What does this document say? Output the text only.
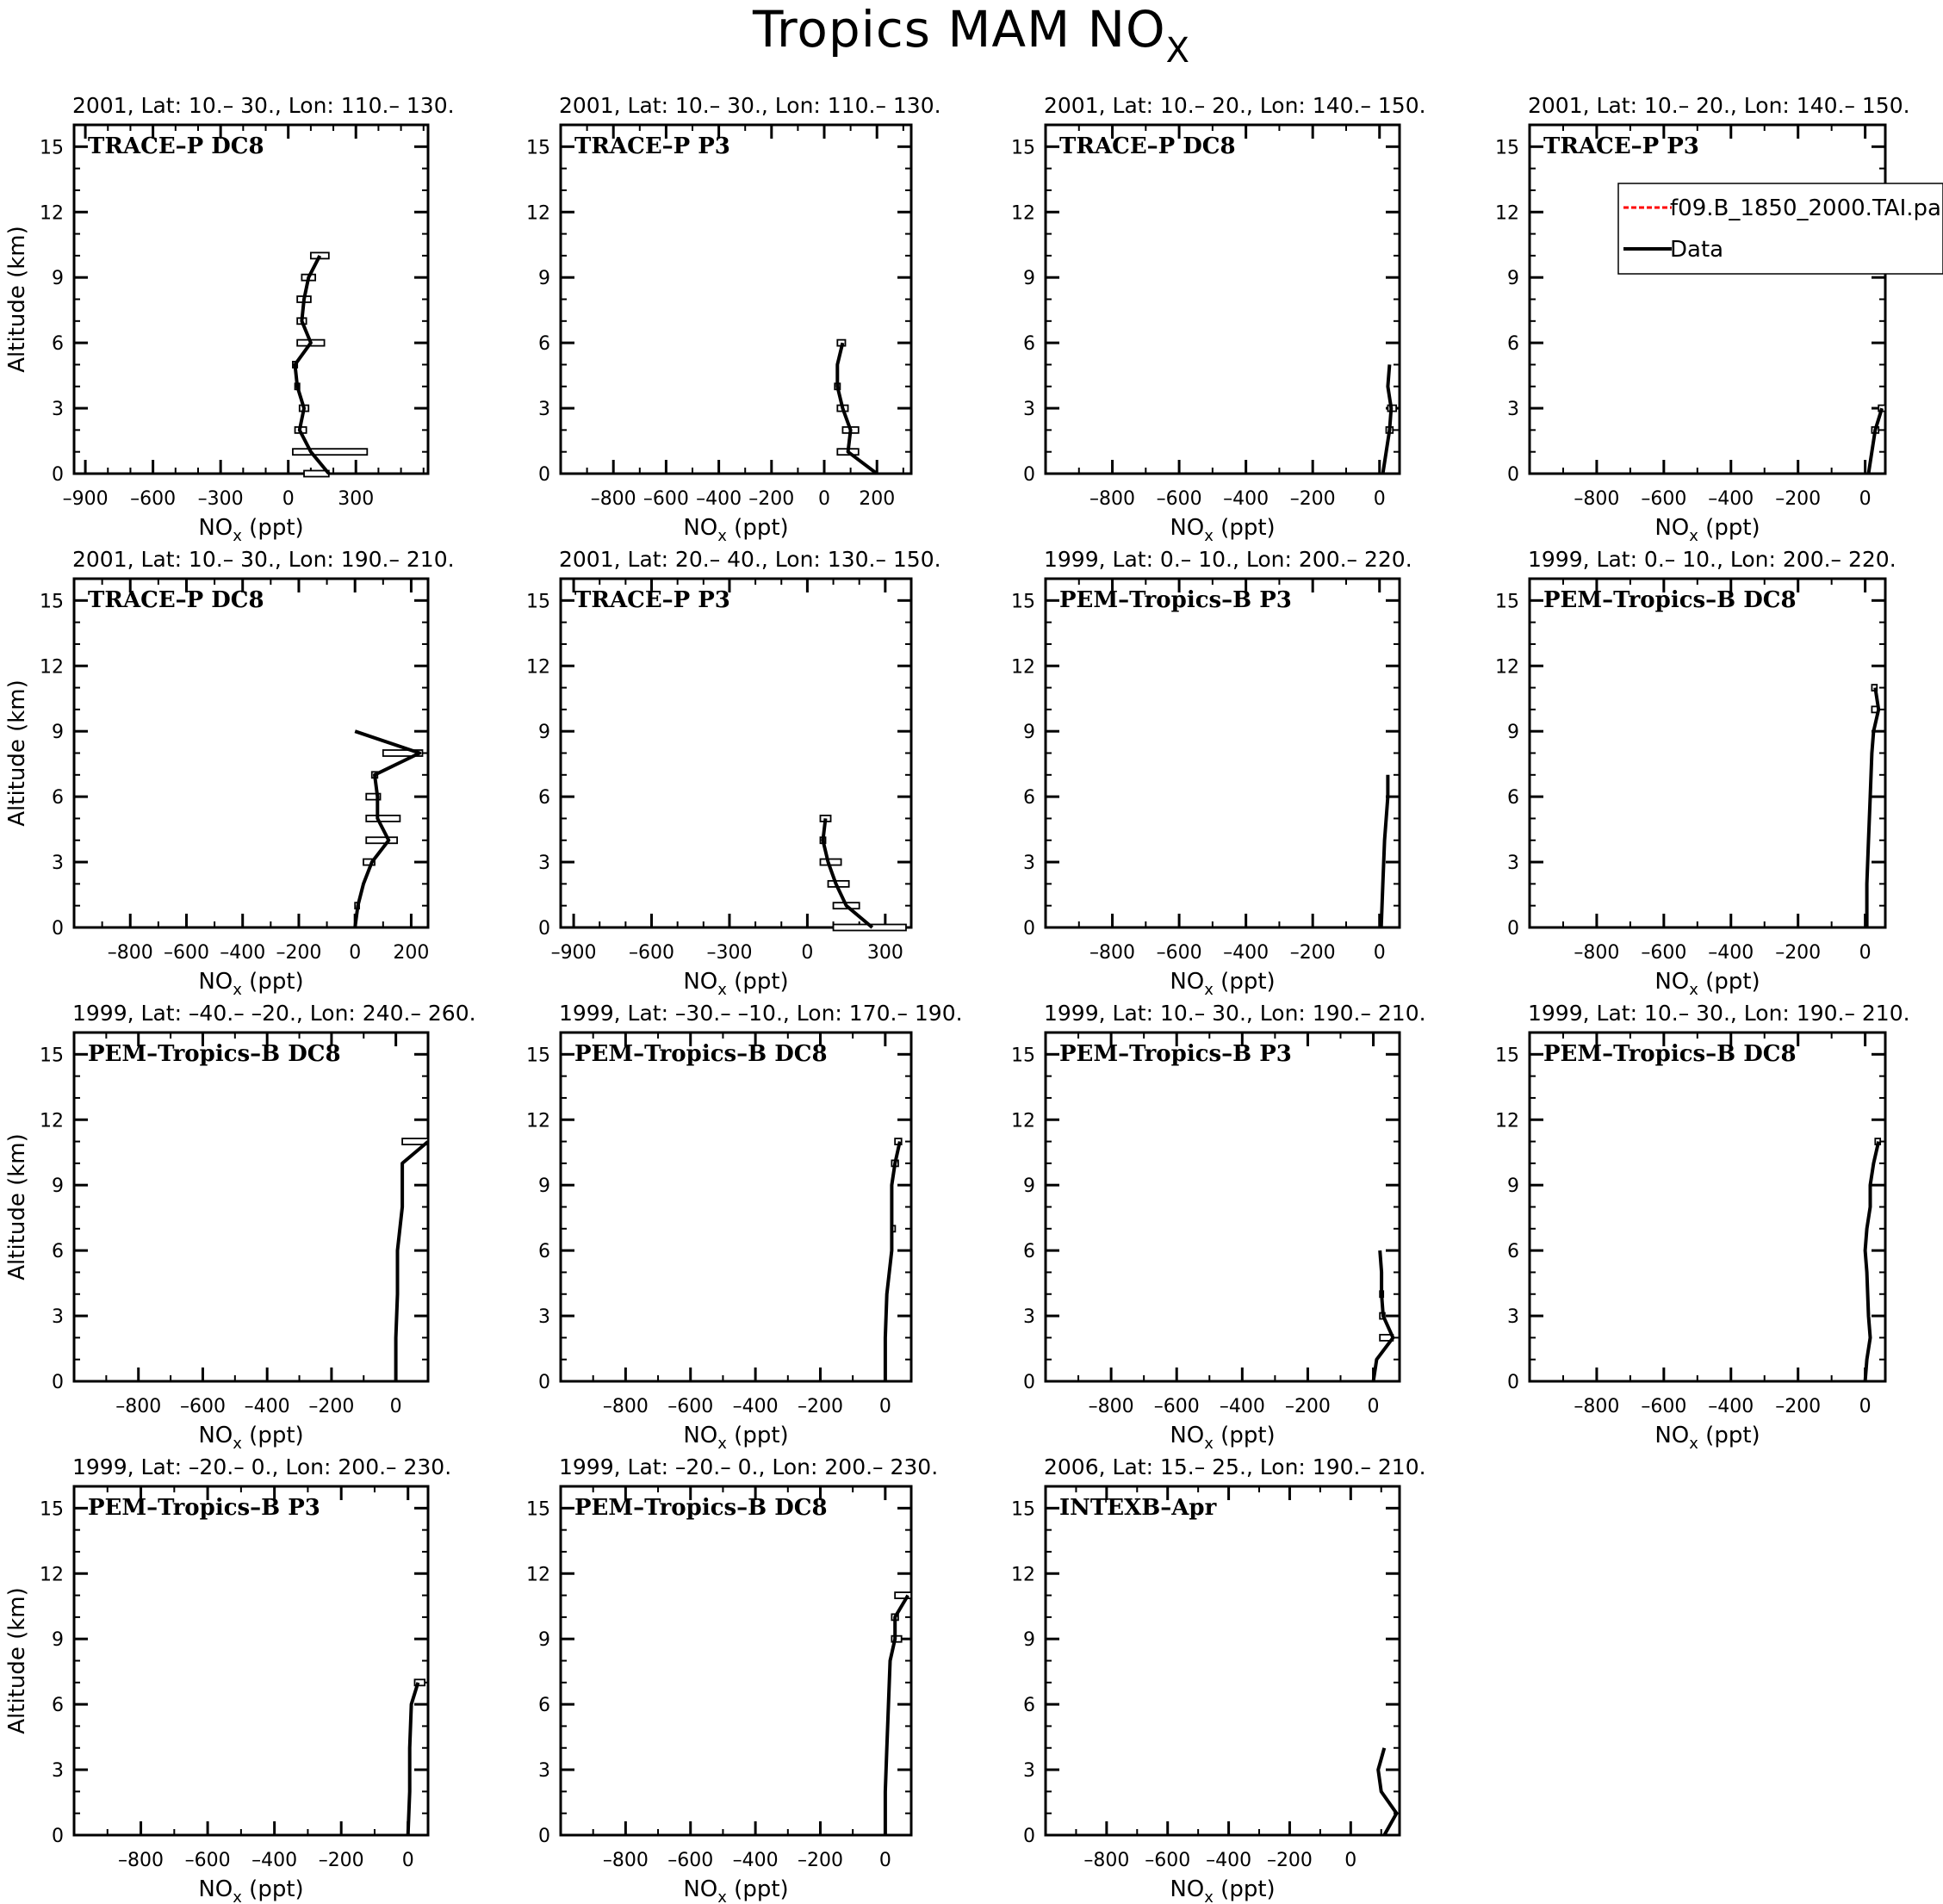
Tropics MAM $NO_X$
2001, Lat: 10.– 30., Lon: 110.– 130.
0
3
6
9
12
15
–900 –600 –300 0 300
$NO_x$ (ppt)
Altitude (km)
TRACE–P DC8
2001, Lat: 10.– 30., Lon: 110.– 130.
0
3
6
9
12
15
–800 –600 –400 –200 0 200
$NO_x$ (ppt)
TRACE–P P3
2001, Lat: 10.– 20., Lon: 140.– 150.
0
3
6
9
12
15
–800 –600 –400 –200 0
$NO_x$ (ppt)
TRACE–P DC8
2001, Lat: 10.– 20., Lon: 140.– 150.
0
3
6
9
12
15
–800 –600 –400 –200 0
$NO_x$ (ppt)
TRACE–P P3
f09.B_1850_2000.TAI.pa
Data
2001, Lat: 10.– 30., Lon: 190.– 210.
0
3
6
9
12
15
–800 –600 –400 –200 0 200
$NO_x$ (ppt)
Altitude (km)
TRACE–P DC8
2001, Lat: 20.– 40., Lon: 130.– 150.
0
3
6
9
12
15
–900 –600 –300	0	300
$NO_x$ (ppt)
TRACE–P P3
1999, Lat: 0.– 10., Lon: 200.– 220.
0
3
6
9
12
15
–800 –600 –400 –200 0
$NO_x$ (ppt)
PEM–Tropics–B P3
1999, Lat: 0.– 10., Lon: 200.– 220.
0
3
6
9
12
15
–800 –600 –400 –200 0
$NO_x$ (ppt)
PEM–Tropics–B DC8
1999, Lat: –40.– –20., Lon: 240.– 260.
0
3
6
9
12
15
–800 –600 –400 –200 0
$NO_x$ (ppt)
Altitude (km)
PEM–Tropics–B DC8
1999, Lat: –30.– –10., Lon: 170.– 190.
0
3
6
9
12
15
–800 –600 –400 –200 0
$NO_x$ (ppt)
PEM–Tropics–B DC8
1999, Lat: 10.– 30., Lon: 190.– 210.
0
3
6
9
12
15
–800 –600 –400 –200 0
$NO_x$ (ppt)
PEM–Tropics–B P3
1999, Lat: 10.– 30., Lon: 190.– 210.
0
3
6
9
12
15
–800 –600 –400 –200 0
$NO_x$ (ppt)
PEM–Tropics–B DC8
1999, Lat: –20.– 0., Lon: 200.– 230.
0
3
6
9
12
15
–800 –600 –400 –200 0
$NO_x$ (ppt)
Altitude (km)
PEM–Tropics–B P3
1999, Lat: –20.– 0., Lon: 200.– 230.
0
3
6
9
12
15
–800 –600 –400 –200 0
$NO_x$ (ppt)
PEM–Tropics–B DC8
2006, Lat: 15.– 25., Lon: 190.– 210.
0
3
6
9
12
15
–800 –600 –400 –200 0
$NO_x$ (ppt)
INTEXB–Apr
